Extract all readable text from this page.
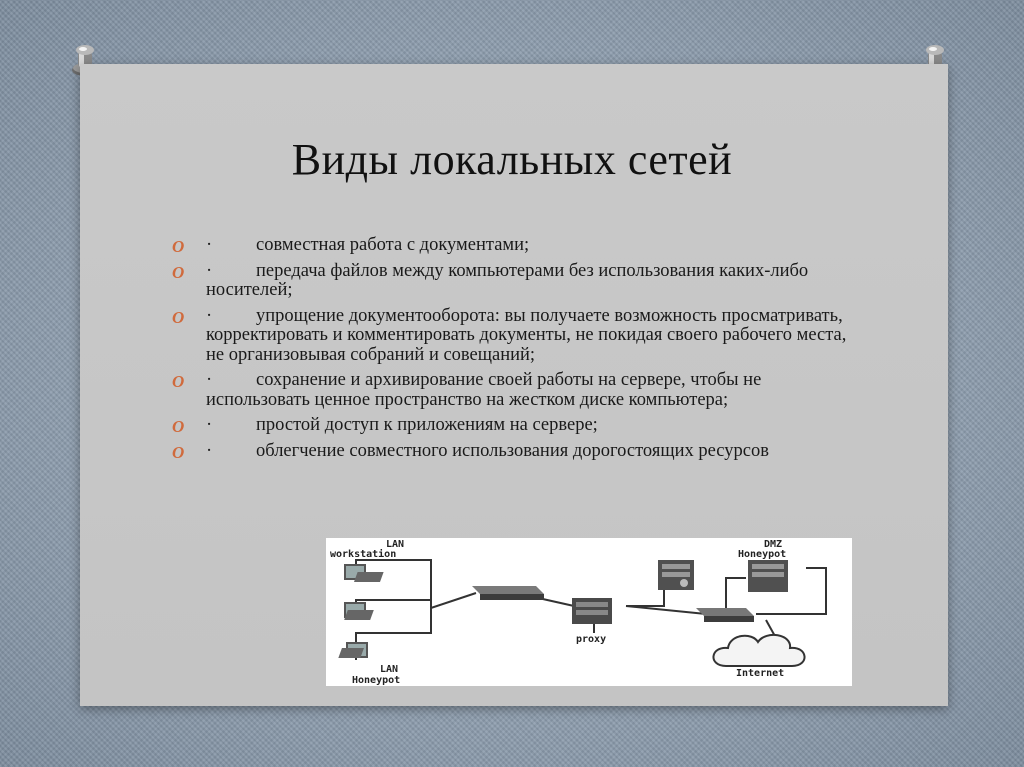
Виды локальных сетей
O · совместная работа с документами;
O · передача файлов между компьютерами без использования каких-либо носителей;
O · упрощение документооборота: вы получаете возможность просматривать, корректировать и комментировать документы, не покидая своего рабочего места, не организовывая собраний и совещаний;
O · сохранение и архивирование своей работы на сервере, чтобы не использовать ценное пространство на жестком диске компьютера;
O · простой доступ к приложениям на сервере;
O · облегчение совместного использования дорогостоящих ресурсов
LAN
workstation
LAN
Honeypot
proxy
DMZ
Honeypot
Internet
